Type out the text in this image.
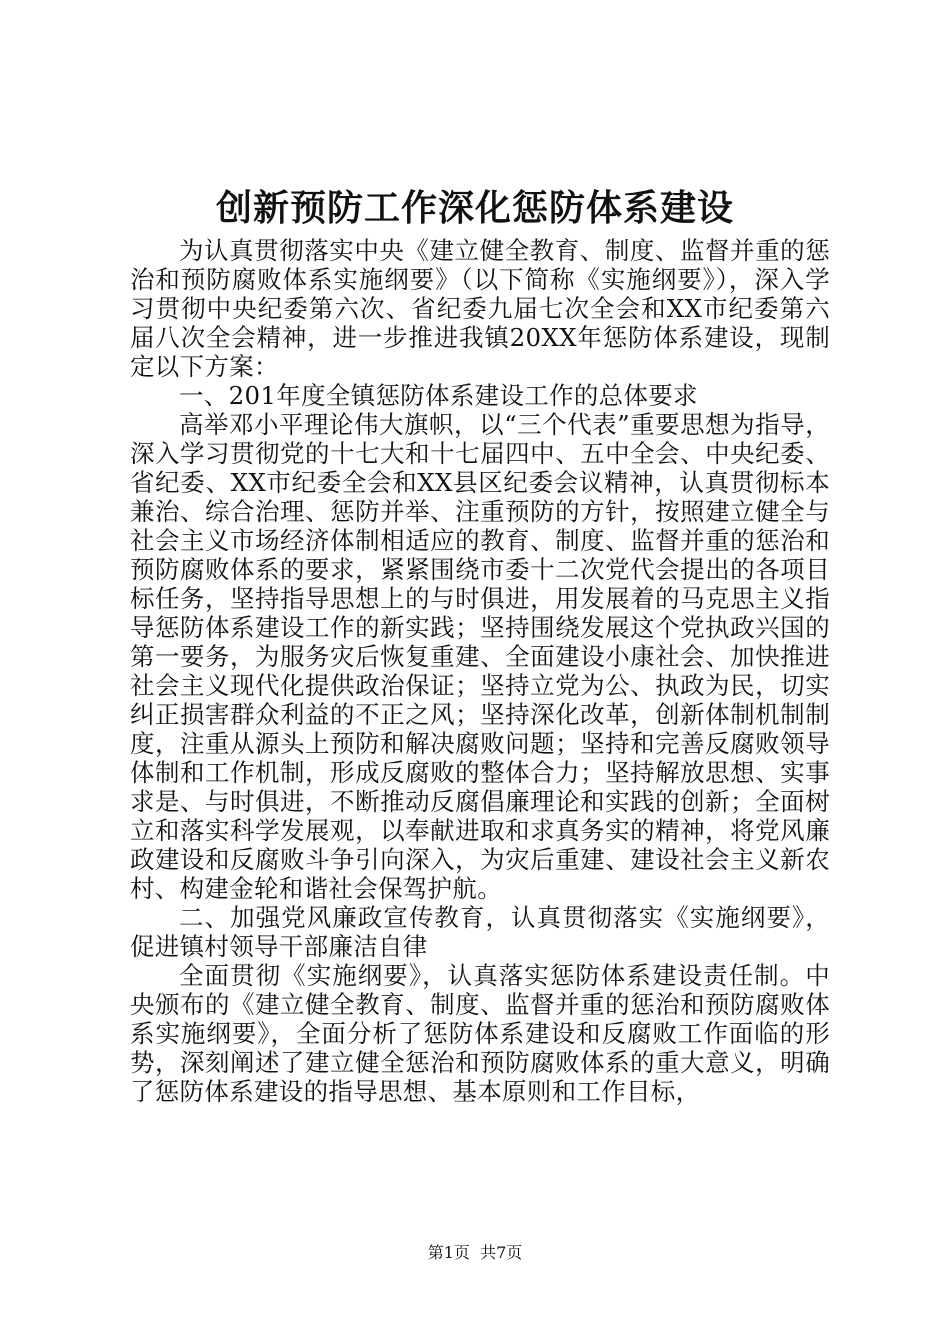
创新预防工作深化惩防体系建设

为认真贯彻落实中央《建立健全教育、制度、监督并重的惩治和预防腐败体系实施纲要》（以下简称《实施纲要》），深入学习贯彻中央纪委第六次、省纪委九届七次全会和XX市纪委第六届八次全会精神，进一步推进我镇20XX年惩防体系建设，现制定以下方案：

一、201年度全镇惩防体系建设工作的总体要求

高举邓小平理论伟大旗帜，以“三个代表”重要思想为指导，深入学习贯彻党的十七大和十七届四中、五中全会、中央纪委、省纪委、XX市纪委全会和XX县区纪委会议精神，认真贯彻标本兼治、综合治理、惩防并举、注重预防的方针，按照建立健全与社会主义市场经济体制相适应的教育、制度、监督并重的惩治和预防腐败体系的要求，紧紧围绕市委十二次党代会提出的各项目标任务，坚持指导思想上的与时俱进，用发展着的马克思主义指导惩防体系建设工作的新实践；坚持围绕发展这个党执政兴国的第一要务，为服务灾后恢复重建、全面建设小康社会、加快推进社会主义现代化提供政治保证；坚持立党为公、执政为民，切实纠正损害群众利益的不正之风；坚持深化改革，创新体制机制制度，注重从源头上预防和解决腐败问题；坚持和完善反腐败领导体制和工作机制，形成反腐败的整体合力；坚持解放思想、实事求是、与时俱进，不断推动反腐倡廉理论和实践的创新；全面树立和落实科学发展观，以奉献进取和求真务实的精神，将党风廉政建设和反腐败斗争引向深入，为灾后重建、建设社会主义新农村、构建金轮和谐社会保驾护航。

二、加强党风廉政宣传教育，认真贯彻落实《实施纲要》，促进镇村领导干部廉洁自律

全面贯彻《实施纲要》，认真落实惩防体系建设责任制。中央颁布的《建立健全教育、制度、监督并重的惩治和预防腐败体系实施纲要》，全面分析了惩防体系建设和反腐败工作面临的形势，深刻阐述了建立健全惩治和预防腐败体系的重大意义，明确了惩防体系建设的指导思想、基本原则和工作目标，

第1页 共7页
